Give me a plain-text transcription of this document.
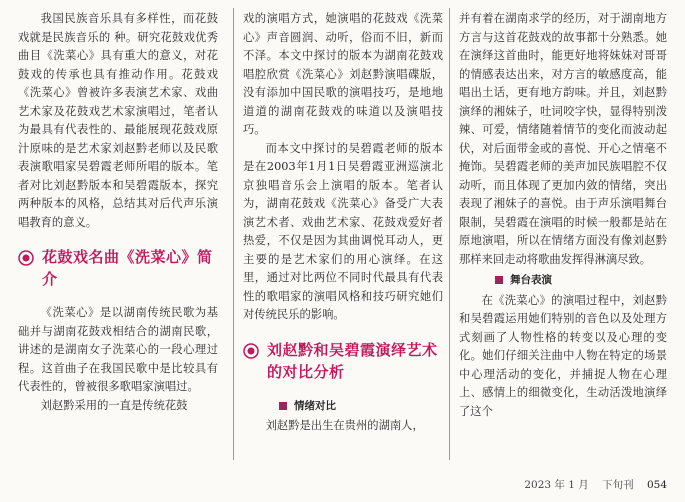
我国民族音乐具有多样性，而花鼓戏就是民族音乐的 种。研究花鼓戏优秀曲目《洗菜心》具有重大的意义，对花鼓戏的传承也具有推动作用。花鼓戏《洗菜心》曾被许多表演艺术家、戏曲艺术家及花鼓戏艺术家演唱过，笔者认为最具有代表性的、最能展现花鼓戏原汁原味的是艺术家刘赵黔老师以及民歌表演歌唱家吴碧霞老师所唱的版本。笔者对比刘赵黔版本和吴碧霞版本，探究两种版本的风格，总结其对后代声乐演唱教育的意义。

花鼓戏名曲《洗菜心》简介

《洗菜心》是以湖南传统民歌为基础并与湖南花鼓戏相结合的湖南民歌，讲述的是湖南女子洗菜心的一段心理过程。这首曲子在我国民歌中是比较具有代表性的，曾被很多歌唱家演唱过。

刘赵黔采用的一直是传统花鼓

戏的演唱方式，她演唱的花鼓戏《洗菜心》声音圆润、动听，俗而不旧，新而不泽。本文中探讨的版本为湖南花鼓戏唱腔欣赏《洗菜心》刘赵黔演唱碟版，没有添加中国民歌的演唱技巧，是地地道道的湖南花鼓戏的味道以及演唱技巧。

而本文中探讨的吴碧霞老师的版本是在2003年1月1日吴碧霞亚洲巡演北京独唱音乐会上演唱的版本。笔者认为，湖南花鼓戏《洗菜心》备受广大表演艺术者、戏曲艺术家、花鼓戏爱好者热爱，不仅是因为其曲调悦耳动人，更主要的是艺术家们的用心演绎。在这里，通过对比两位不同时代最具有代表性的歌唱家的演唱风格和技巧研究她们对传统民乐的影响。

刘赵黔和吴碧霞演绎艺术的对比分析
情绪对比

刘赵黔是出生在贵州的湖南人，

并有着在湖南求学的经历，对于湖南地方方言与这首花鼓戏的故事都十分熟悉。她在演绎这首曲时，能更好地将妹妹对哥哥的情感表达出来，对方言的敏感度高，能唱出土话，更有地方韵味。并且，刘赵黔演绎的湘妹子，吐词咬字快，显得特别泼辣、可爱，情绪随着情节的变化而波动起伏，对后面带金或的喜悦、开心之情毫不掩饰。吴碧霞老师的美声加民族唱腔不仅动听，而且体现了更加内敛的情绪，突出表现了湘妹子的喜悦。由于声乐演唱舞台限制，吴碧霞在演唱的时候一般都是站在原地演唱，所以在情绪方面没有像刘赵黔那样来回走动将歌曲发挥得淋漓尽致。

舞台表演

在《洗菜心》的演唱过程中，刘赵黔和吴碧霞运用她们特别的音色以及处理方式刻画了人物性格的转变以及心理的变化。她们仔细关注曲中人物在特定的场景中心理活动的变化，并捕捉人物在心理上、感情上的细微变化，生动活泼地演绎了这个

2023 年 1 月 下旬刊 054
